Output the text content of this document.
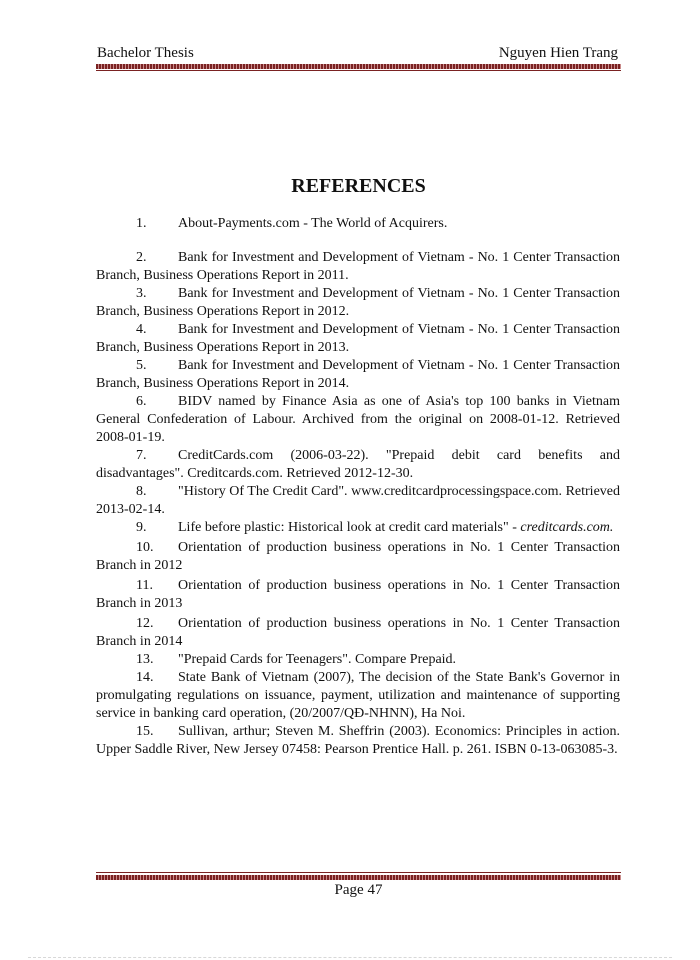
Bachelor Thesis	Nguyen Hien Trang
REFERENCES
1. About-Payments.com - The World of Acquirers.
2. Bank for Investment and Development of Vietnam - No. 1 Center Transaction Branch, Business Operations Report in 2011.
3. Bank for Investment and Development of Vietnam - No. 1 Center Transaction Branch, Business Operations Report in 2012.
4. Bank for Investment and Development of Vietnam - No. 1 Center Transaction Branch, Business Operations Report in 2013.
5. Bank for Investment and Development of Vietnam - No. 1 Center Transaction Branch, Business Operations Report in 2014.
6. BIDV named by Finance Asia as one of Asia's top 100 banks in Vietnam General Confederation of Labour. Archived from the original on 2008-01-12. Retrieved 2008-01-19.
7. CreditCards.com (2006-03-22). "Prepaid debit card benefits and disadvantages". Creditcards.com. Retrieved 2012-12-30.
8. "History Of The Credit Card". www.creditcardprocessingspace.com. Retrieved 2013-02-14.
9. Life before plastic: Historical look at credit card materials" - creditcards.com.
10. Orientation of production business operations in No. 1 Center Transaction Branch in 2012
11. Orientation of production business operations in No. 1 Center Transaction Branch in 2013
12. Orientation of production business operations in No. 1 Center Transaction Branch in 2014
13. "Prepaid Cards for Teenagers". Compare Prepaid.
14. State Bank of Vietnam (2007), The decision of the State Bank's Governor in promulgating regulations on issuance, payment, utilization and maintenance of supporting service in banking card operation, (20/2007/QĐ-NHNN), Ha Noi.
15. Sullivan, arthur; Steven M. Sheffrin (2003). Economics: Principles in action. Upper Saddle River, New Jersey 07458: Pearson Prentice Hall. p. 261. ISBN 0-13-063085-3.
Page 47
